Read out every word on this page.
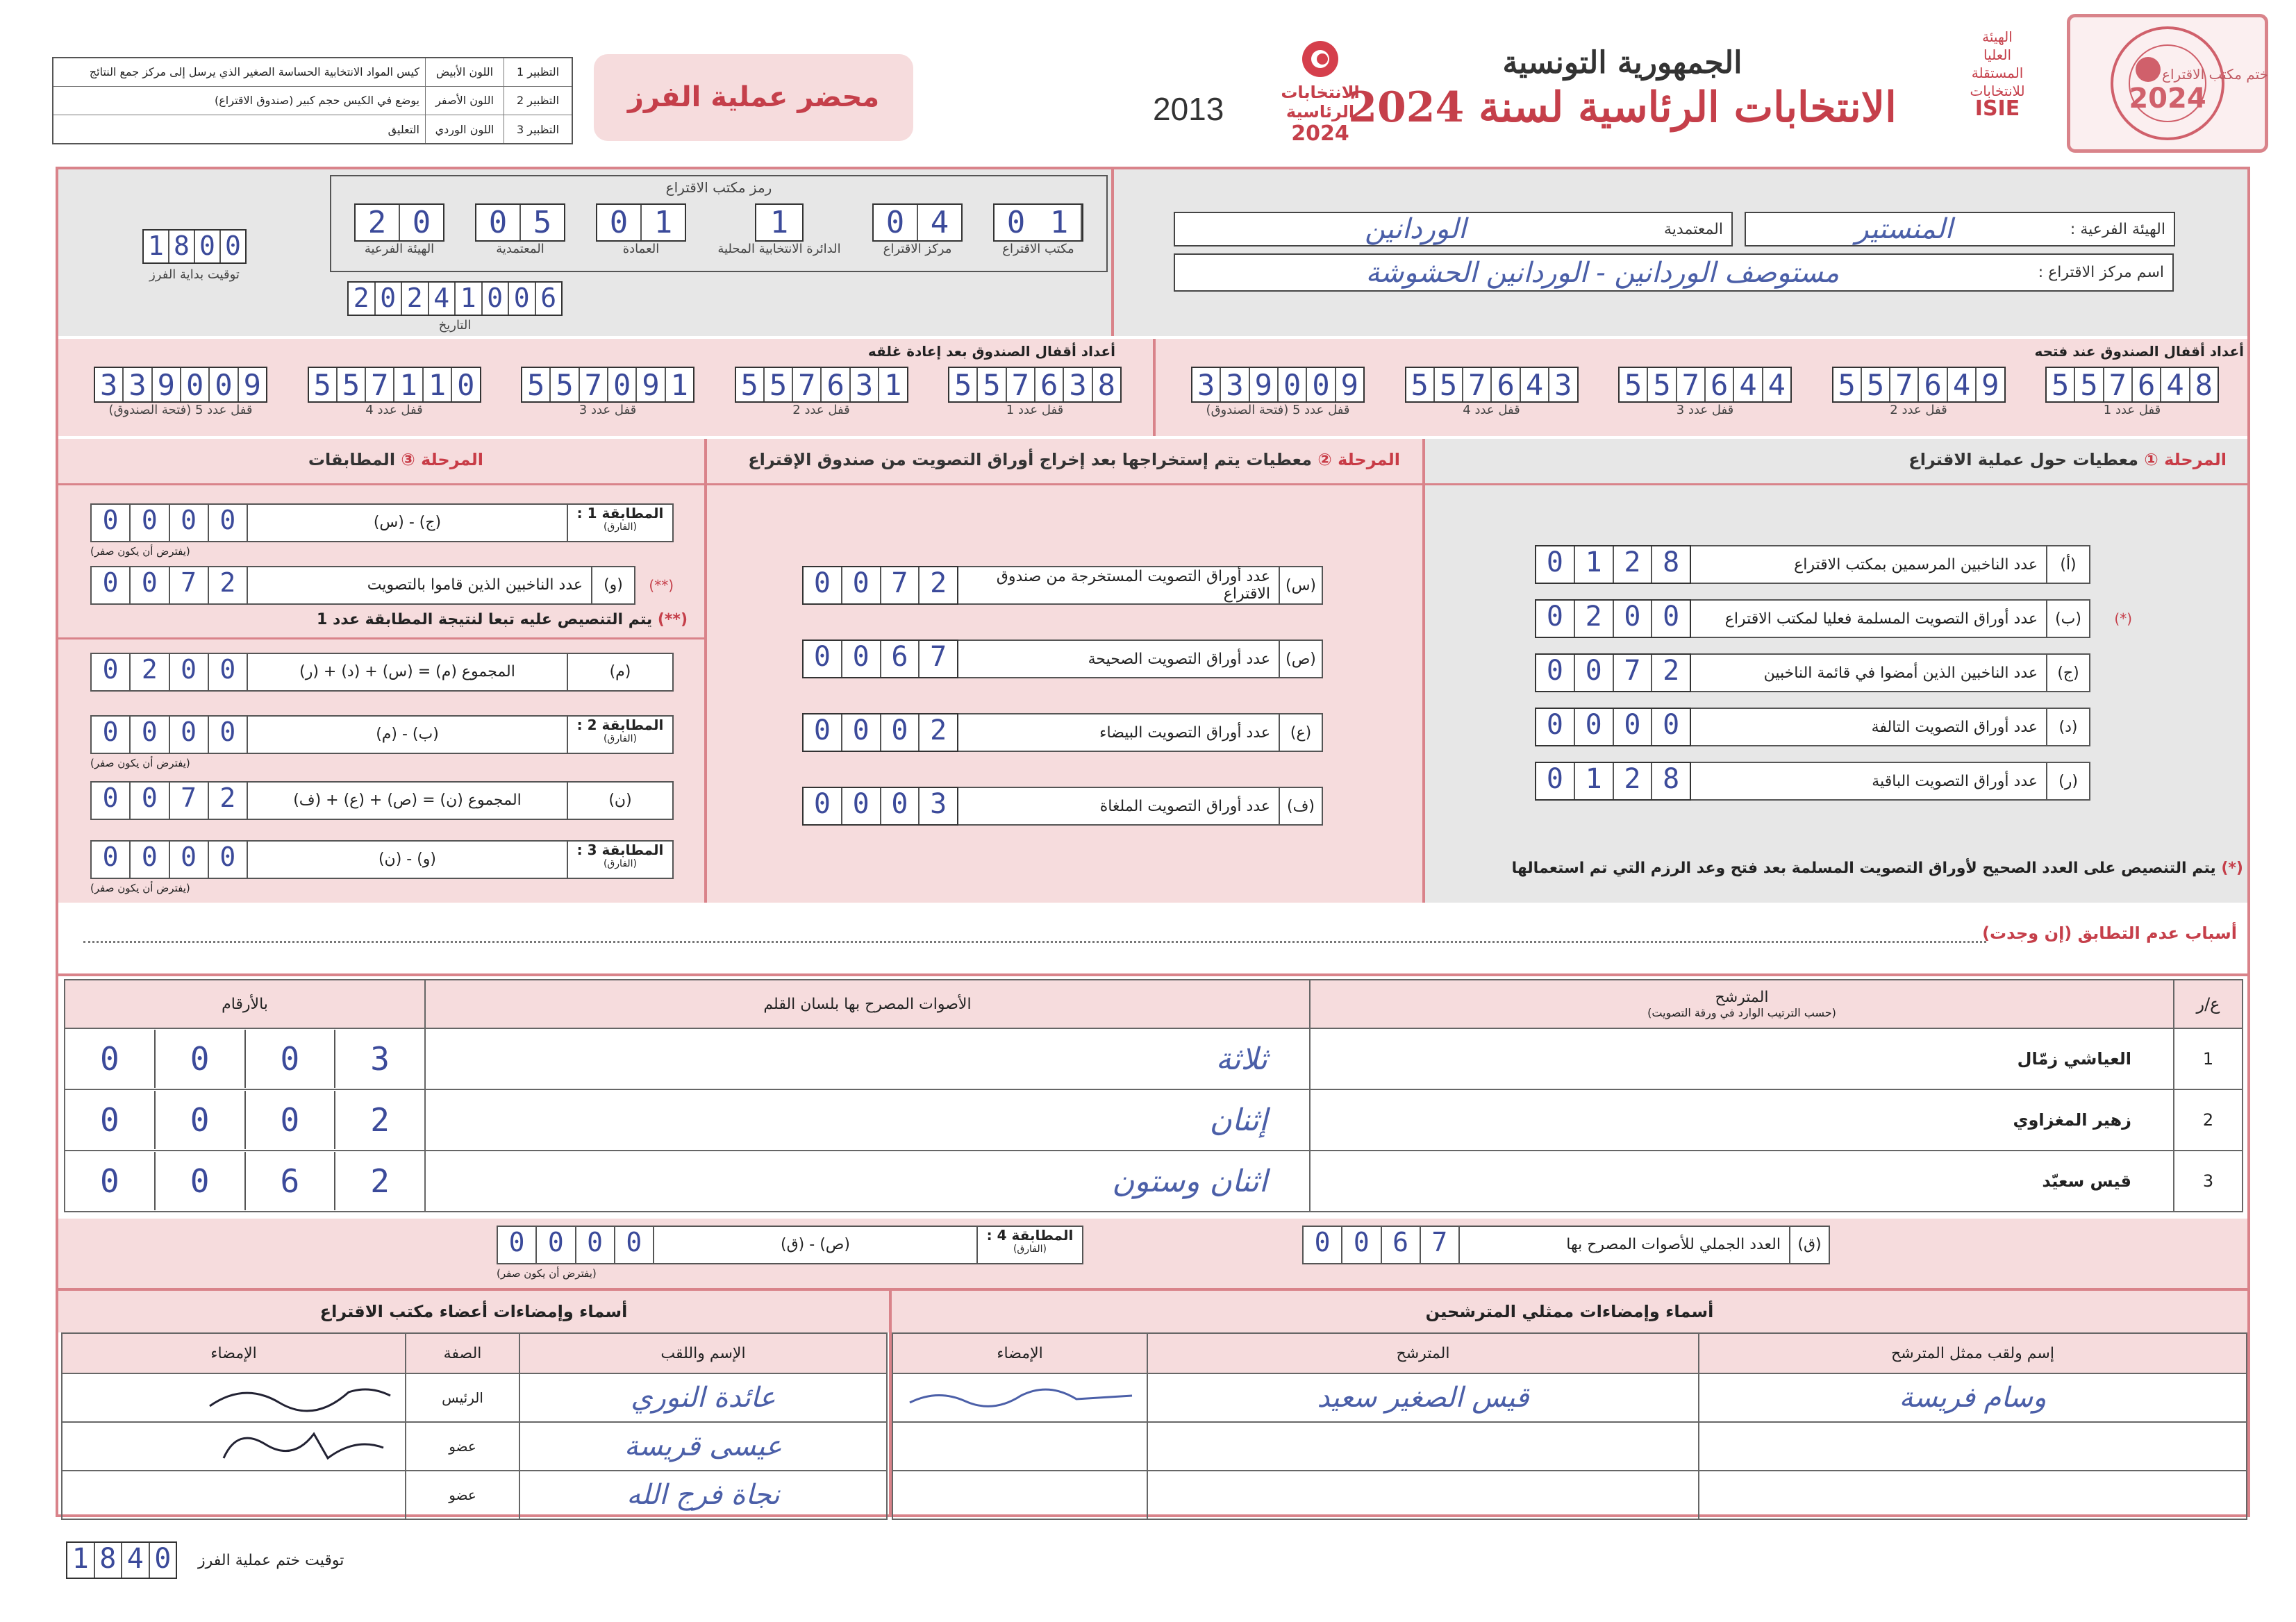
2024
ختم مكتب الاقتراع
الهيئة
العليا
المستقلة
للانتخابات
ISIE
الجمهورية التونسية
الانتخابات الرئاسية لسنة 2024
الانتخابات
الرئاسية
2024
2013
محضر عملية الفرز
التظبير 1	اللون الأبيض	كيس المواد الانتخابية الحساسة الصغير الذي يرسل إلى مركز جمع النتائج
التظبير 2	اللون الأصفر	يوضع في الكيس حجم كبير (صندوق الاقتراع)
التظبير 3	اللون الوردي	التعليق
الهيئة الفرعية :
المنستير
المعتمدية
الوردانين
اسم مركز الاقتراع :
مستوصف الوردانين - الوردانين الحشوشة
رمز مكتب الاقتراع
1
0
مكتب الاقتراع
0 4
مركز الاقتراع
1
الدائرة الانتخابية المحلية
0 1
العمادة
0 5
المعتمدية
2 0
الهيئة الفرعية
2 0 2 4 1 0 0 6
التاريخ
1 8 0 0
توقيت بداية الفرز
أعداد أقفال الصندوق عند فتحه
أعداد أقفال الصندوق بعد إعادة غلقه
5 5 7 6 4 8
قفل عدد 1
5 5 7 6 4 9
قفل عدد 2
5 5 7 6 4 4
قفل عدد 3
5 5 7 6 4 3
قفل عدد 4
3 3 9 0 0 9
قفل عدد 5 (فتحة الصندوق)
5 5 7 6 3 8
قفل عدد 1
5 5 7 6 3 1
قفل عدد 2
5 5 7 0 9 1
قفل عدد 3
5 5 7 1 1 0
قفل عدد 4
3 3 9 0 0 9
قفل عدد 5 (فتحة الصندوق)
المرحلة ① معطيات حول عملية الاقتراع
المرحلة ② معطيات يتم إستخراجها بعد إخراج أوراق التصويت من صندوق الإقتراع
المرحلة ③ المطابقات
(أ)
عدد الناخبين المرسمين بمكتب الاقتراع
0 1 2 8
(ب)
عدد أوراق التصويت المسلمة فعليا لمكتب الاقتراع
0 2 0 0
(ج)
عدد الناخبين الذين أمضوا في قائمة الناخبين
0 0 7 2
(د)
عدد أوراق التصويت التالفة
0 0 0 0
(ر)
عدد أوراق التصويت الباقية
0 1 2 8
(*) يتم التنصيص على العدد الصحيح لأوراق التصويت المسلمة بعد فتح وعد الرزم التي تم استعمالها
(س)
عدد أوراق التصويت المستخرجة من صندوق الاقتراع
0 0 7 2
(ص)
عدد أوراق التصويت الصحيحة
0 0 6 7
(ع)
عدد أوراق التصويت البيضاء
0 0 0 2
(ف)
عدد أوراق التصويت الملغاة
0 0 0 3
المطابقة 1 :
(الفارق)
(ج) - (س)
0 0 0 0
(يفترض أن يكون صفر)
(**)
(و)
عدد الناخبين الذين قاموا بالتصويت
0 0 7 2
(**) يتم التنصيص عليه تبعا لنتيجة المطابقة عدد 1
(م)
المجموع (م) = (س) + (د) + (ر)
0 2 0 0
المطابقة 2 :
(الفارق)
(ب) - (م)
0 0 0 0
(يفترض أن يكون صفر)
(ن)
المجموع (ن) = (ص) + (ع) + (ف)
0 0 7 2
المطابقة 3 :
(الفارق)
(و) - (ن)
0 0 0 0
(يفترض أن يكون صفر)
أسباب عدم التطابق (إن وجدت)
ع/ر	المترشح
(حسب الترتيب الوارد في ورقة التصويت)	الأصوات المصرح بها بلسان القلم	بالأرقام
1	العياشي زمّال	ثلاثة	0 0 0 3

2	زهير المغزاوي	إثنان	0 0 0 2

3	قيس سعيّد	اثنان وستون	0 0 6 2
(ق)
العدد الجملي للأصوات المصرح بها
0 0 6 7
المطابقة 4 :
(الفارق)
(ص) - (ق)
0 0 0 0
(يفترض أن يكون صفر)
أسماء وإمضاءات ممثلي المترشحين
أسماء وإمضاءات أعضاء مكتب الاقتراع
إسم ولقب ممثل المترشح	المترشح	الإمضاء
وسام فريسة	قيس الصغير سعيد	

الإسم واللقب	الصفة	الإمضاء
عائدة النوري	الرئيس	
عيسى قريسة	عضو	
نجاة فرج الله	عضو	
1 8 4 0	توقيت ختم عملية الفرز
